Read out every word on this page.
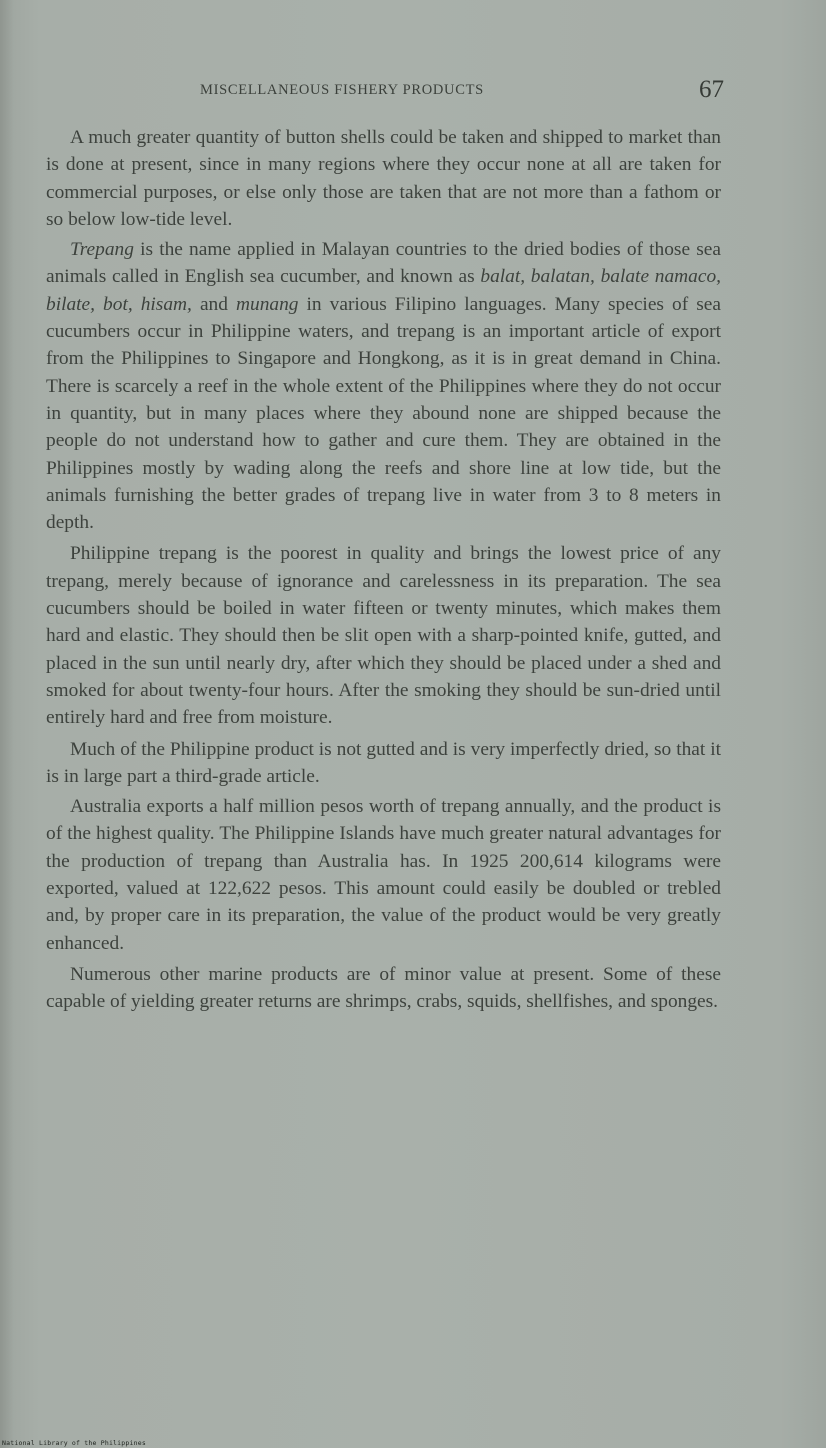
MISCELLANEOUS FISHERY PRODUCTS	67

A much greater quantity of button shells could be taken and shipped to market than is done at present, since in many regions where they occur none at all are taken for commercial purposes, or else only those are taken that are not more than a fathom or so below low-tide level.

Trepang is the name applied in Malayan countries to the dried bodies of those sea animals called in English sea cucumber, and known as balat, balatan, balate namaco, bilate, bot, hisam, and munang in various Filipino languages. Many species of sea cucumbers occur in Philippine waters, and trepang is an important article of export from the Philippines to Singapore and Hongkong, as it is in great demand in China. There is scarcely a reef in the whole extent of the Philippines where they do not occur in quantity, but in many places where they abound none are shipped because the people do not understand how to gather and cure them. They are obtained in the Philippines mostly by wading along the reefs and shore line at low tide, but the animals furnishing the better grades of trepang live in water from 3 to 8 meters in depth.

Philippine trepang is the poorest in quality and brings the lowest price of any trepang, merely because of ignorance and carelessness in its preparation. The sea cucumbers should be boiled in water fifteen or twenty minutes, which makes them hard and elastic. They should then be slit open with a sharp-pointed knife, gutted, and placed in the sun until nearly dry, after which they should be placed under a shed and smoked for about twenty-four hours. After the smoking they should be sun-dried until entirely hard and free from moisture.

Much of the Philippine product is not gutted and is very imperfectly dried, so that it is in large part a third-grade article.

Australia exports a half million pesos worth of trepang annually, and the product is of the highest quality. The Philippine Islands have much greater natural advantages for the production of trepang than Australia has. In 1925 200,614 kilograms were exported, valued at 122,622 pesos. This amount could easily be doubled or trebled and, by proper care in its preparation, the value of the product would be very greatly enhanced.

Numerous other marine products are of minor value at present. Some of these capable of yielding greater returns are shrimps, crabs, squids, shellfishes, and sponges.

National Library of the Philippines
